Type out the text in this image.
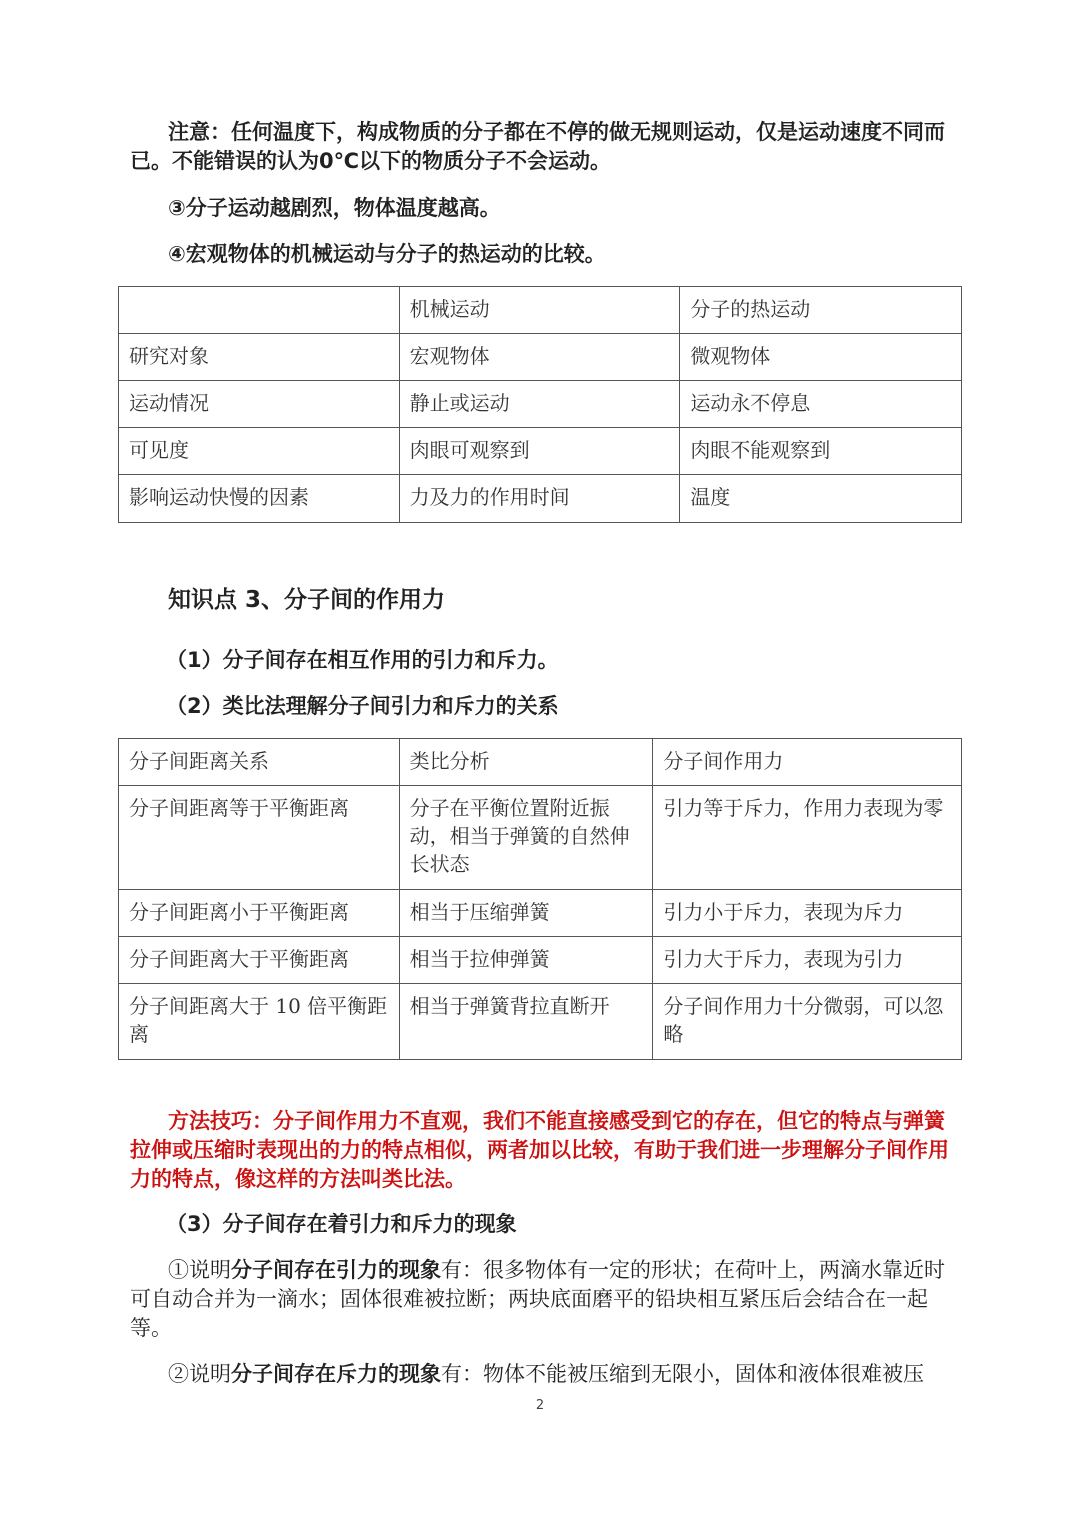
注意：任何温度下，构成物质的分子都在不停的做无规则运动，仅是运动速度不同而已。不能错误的认为0℃以下的物质分子不会运动。
③分子运动越剧烈，物体温度越高。
④宏观物体的机械运动与分子的热运动的比较。
	机械运动	分子的热运动
研究对象	宏观物体	微观物体
运动情况	静止或运动	运动永不停息
可见度	肉眼可观察到	肉眼不能观察到
影响运动快慢的因素	力及力的作用时间	温度
知识点 3、分子间的作用力
（1）分子间存在相互作用的引力和斥力。
（2）类比法理解分子间引力和斥力的关系
分子间距离关系	类比分析	分子间作用力
分子间距离等于平衡距离	分子在平衡位置附近振动，相当于弹簧的自然伸长状态	引力等于斥力，作用力表现为零
分子间距离小于平衡距离	相当于压缩弹簧	引力小于斥力，表现为斥力
分子间距离大于平衡距离	相当于拉伸弹簧	引力大于斥力，表现为引力
分子间距离大于 10 倍平衡距离	相当于弹簧背拉直断开	分子间作用力十分微弱，可以忽略
方法技巧：分子间作用力不直观，我们不能直接感受到它的存在，但它的特点与弹簧拉伸或压缩时表现出的力的特点相似，两者加以比较，有助于我们进一步理解分子间作用力的特点，像这样的方法叫类比法。
（3）分子间存在着引力和斥力的现象
①说明分子间存在引力的现象有：很多物体有一定的形状；在荷叶上，两滴水靠近时可自动合并为一滴水；固体很难被拉断；两块底面磨平的铅块相互紧压后会结合在一起等。
②说明分子间存在斥力的现象有：物体不能被压缩到无限小，固体和液体很难被压
2
